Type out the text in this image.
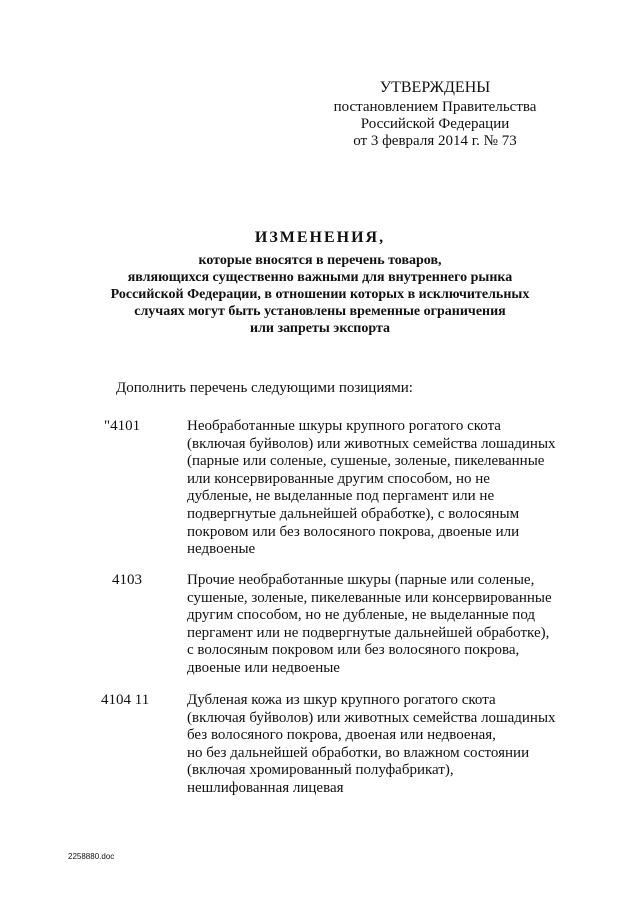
УТВЕРЖДЕНЫ
постановлением Правительства
Российской Федерации
от 3 февраля 2014 г. № 73
ИЗМЕНЕНИЯ,
которые вносятся в перечень товаров,
являющихся существенно важными для внутреннего рынка
Российской Федерации, в отношении которых в исключительных
случаях могут быть установлены временные ограничения
или запреты экспорта
Дополнить перечень следующими позициями:
"4101	Необработанные шкуры крупного рогатого скота
(включая буйволов) или животных семейства лошадиных
(парные или соленые, сушеные, золеные, пикелеванные
или консервированные другим способом, но не
дубленые, не выделанные под пергамент или не
подвергнутые дальнейшей обработке), с волосяным
покровом или без волосяного покрова, двоеные или
недвоеные
4103	Прочие необработанные шкуры (парные или соленые,
сушеные, золеные, пикелеванные или консервированные
другим способом, но не дубленые, не выделанные под
пергамент или не подвергнутые дальнейшей обработке),
с волосяным покровом или без волосяного покрова,
двоеные или недвоеные
4104 11	Дубленая кожа из шкур крупного рогатого скота
(включая буйволов) или животных семейства лошадиных
без волосяного покрова, двоеная или недвоеная,
но без дальнейшей обработки, во влажном состоянии
(включая хромированный полуфабрикат),
нешлифованная лицевая
2258880.doc
